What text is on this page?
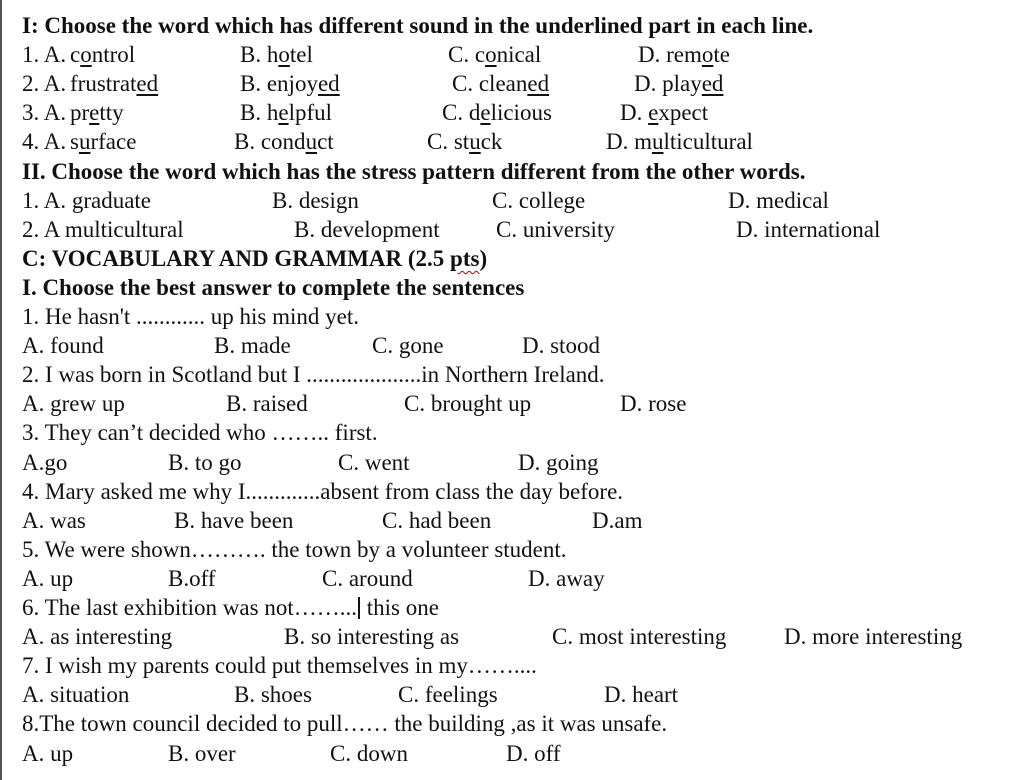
I: Choose the word which has different sound in the underlined part in each line.
1. A. control	B. hotel	C. conical	D. remote
2. A. frustrated	B. enjoyed	C. cleaned	D. played
3. A. pretty	B. helpful	C. delicious	D. expect
4. A. surface	B. conduct	C. stuck	D. multicultural
II. Choose the word which has the stress pattern different from the other words.
1. A. graduate	B. design	C. college	D. medical
2. A multicultural	B. development C. university	D. international
C: VOCABULARY AND GRAMMAR (2.5 pts)
I. Choose the best answer to complete the sentences
1. He hasn't ............ up his mind yet.
A. found	B. made	C. gone	D. stood
2. I was born in Scotland but I ....................in Northern Ireland.
A. grew up	B. raised	C. brought up	D. rose
3. They can’t decided who …….. first.
A.go	B. to go	C. went	D. going
4. Mary asked me why I.............absent from class the day before.
A. was	B. have been	C. had been	D.am
5. We were shown………. the town by a volunteer student.
A. up	B.off	C. around	D. away
6. The last exhibition was not……... this one
A. as interesting	B. so interesting as	C. most interesting	D. more interesting
7. I wish my parents could put themselves in my……....
A. situation	B. shoes	C. feelings	D. heart
8.The town council decided to pull…… the building ,as it was unsafe.
A. up	B. over	C. down	D. off
